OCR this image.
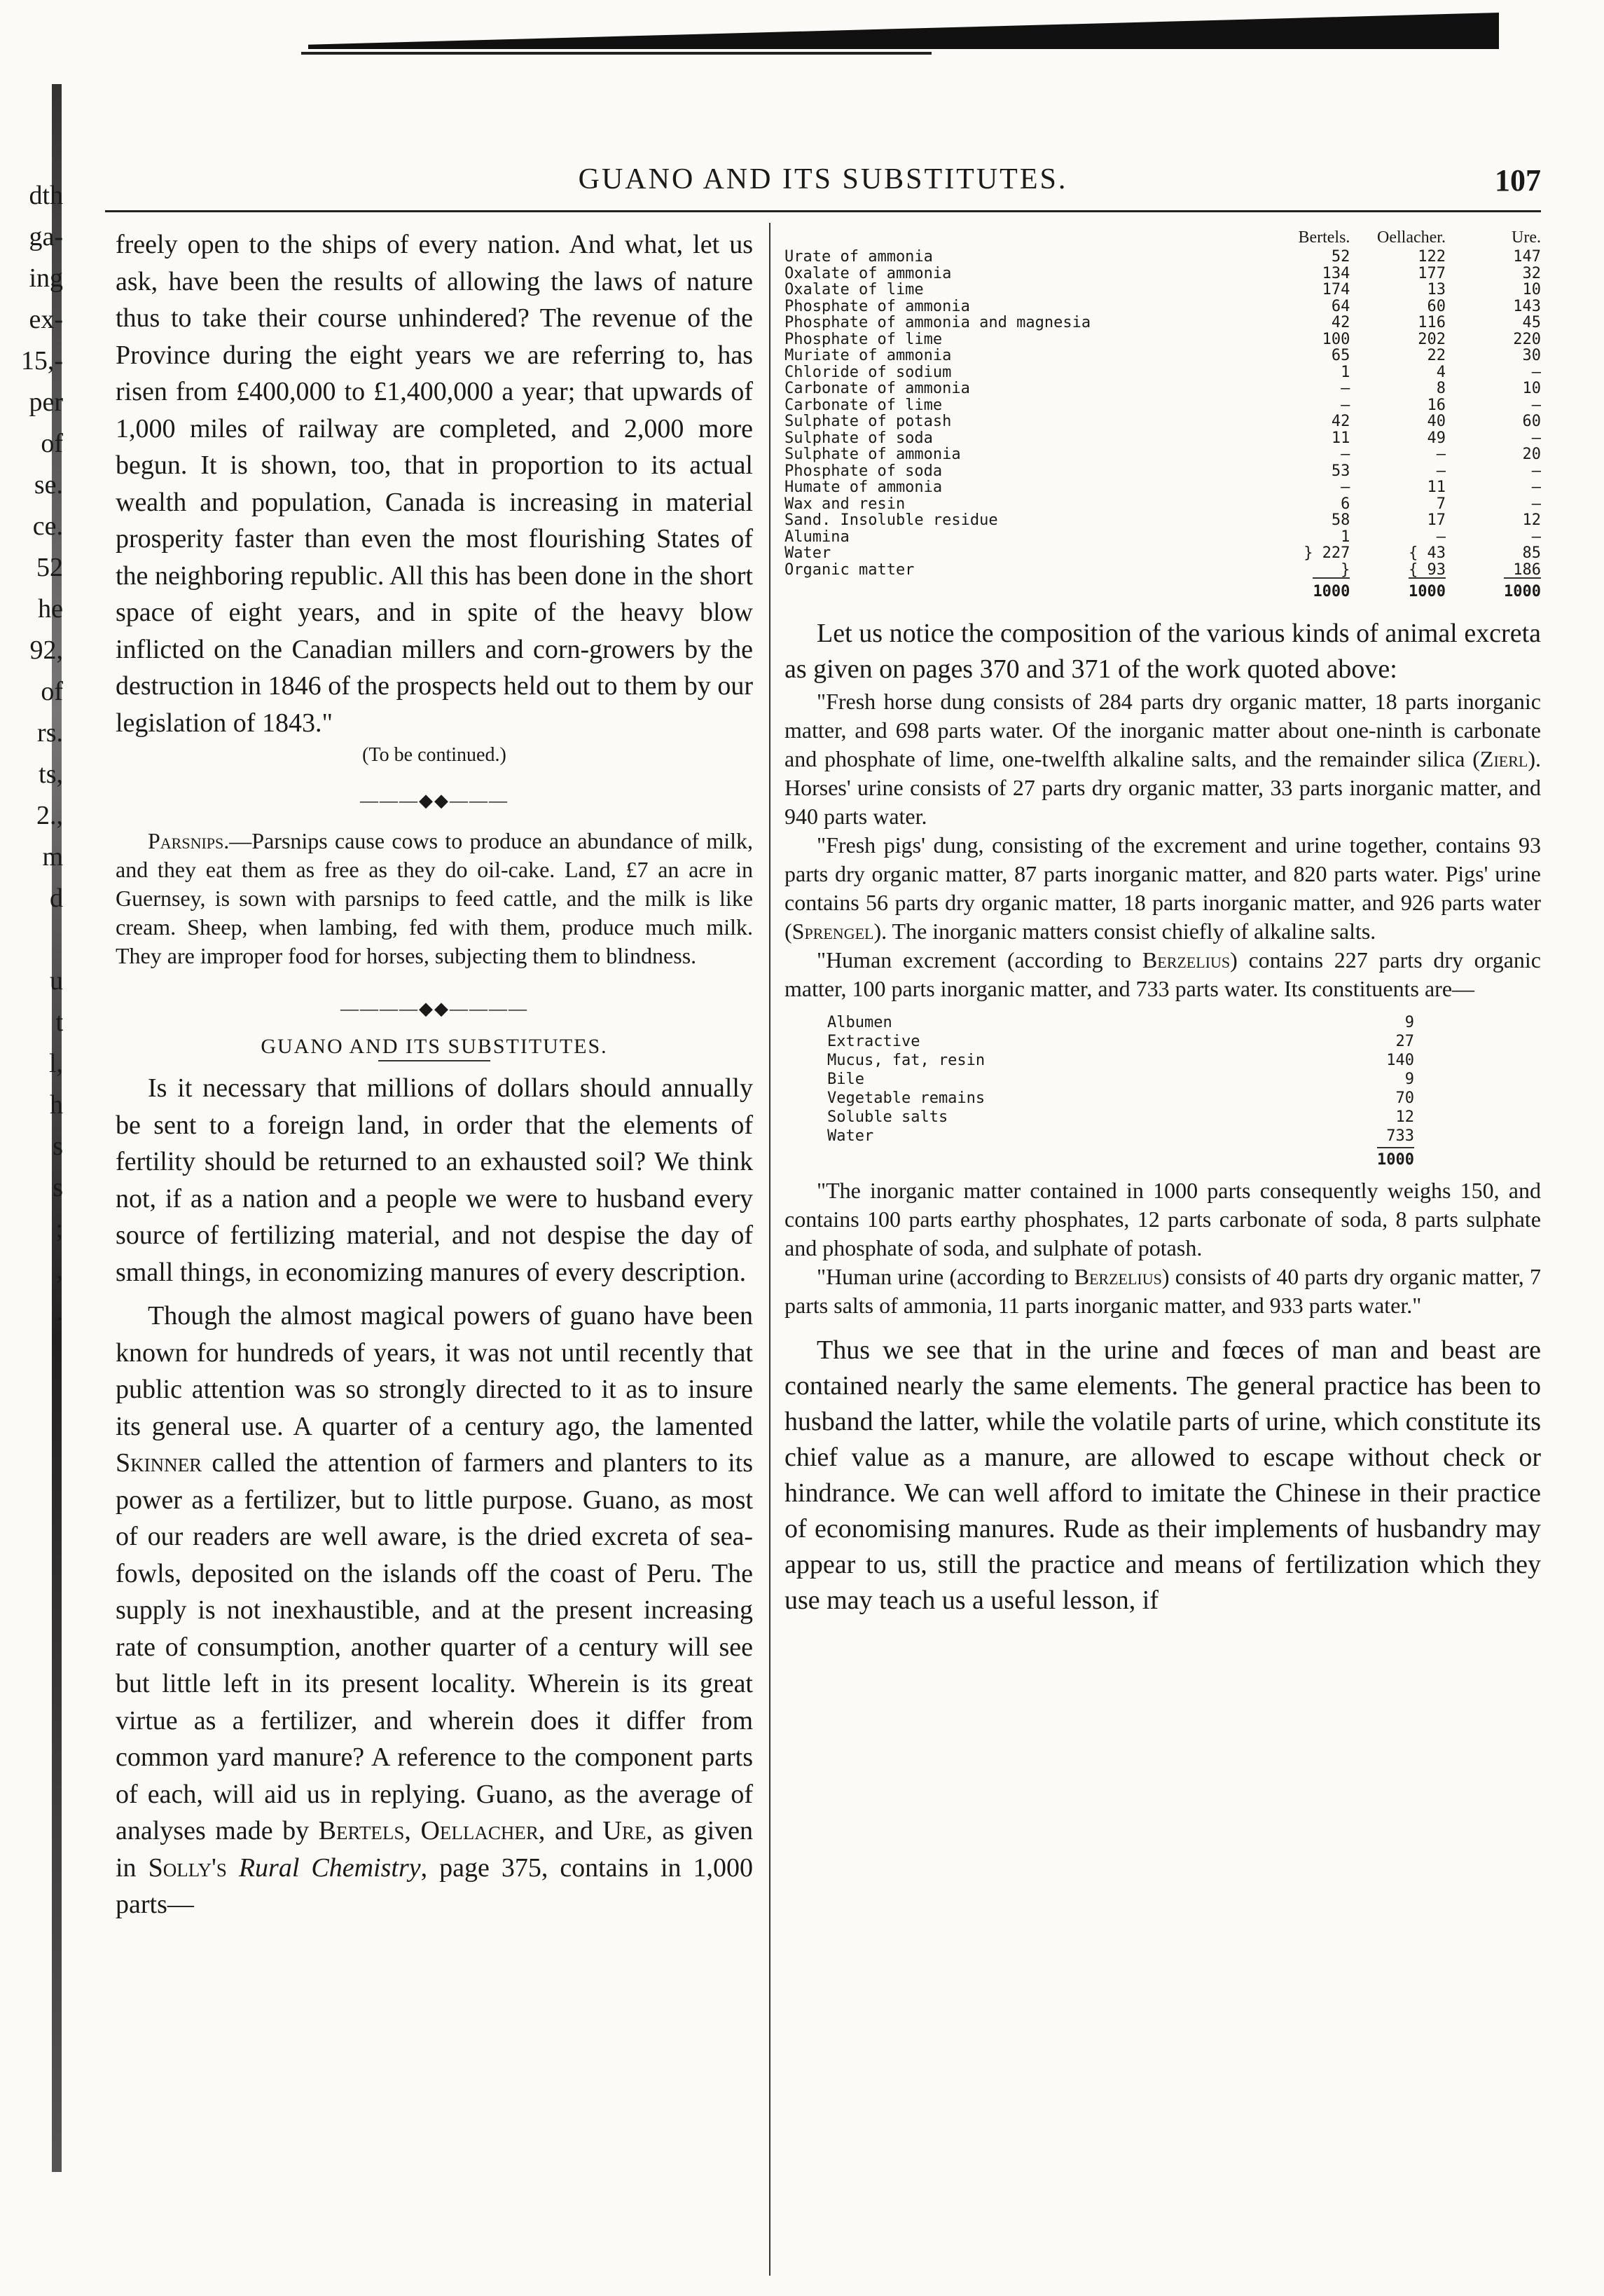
dth
ga-
ing
ex-
15,-
per
of
se.
ce.
52
he
92,
of
rs.
ts,
2.,
m
d
u
t
l,
h
s
s
;
,
.
GUANO AND ITS SUBSTITUTES.	107

freely open to the ships of every nation. And what, let us ask, have been the results of allowing the laws of nature thus to take their course unhindered? The revenue of the Province during the eight years we are referring to, has risen from £400,000 to £1,400,000 a year; that upwards of 1,000 miles of railway are completed, and 2,000 more begun. It is shown, too, that in proportion to its actual wealth and population, Canada is increasing in material prosperity faster than even the most flourishing States of the neighboring republic. All this has been done in the short space of eight years, and in spite of the heavy blow inflicted on the Canadian millers and corn-growers by the destruction in 1846 of the prospects held out to them by our legislation of 1843."

(To be continued.)

———◆◆———

Parsnips.—Parsnips cause cows to produce an abundance of milk, and they eat them as free as they do oil-cake. Land, £7 an acre in Guernsey, is sown with parsnips to feed cattle, and the milk is like cream. Sheep, when lambing, fed with them, produce much milk. They are improper food for horses, subjecting them to blindness.

————◆◆————
GUANO AND ITS SUBSTITUTES.

Is it necessary that millions of dollars should annually be sent to a foreign land, in order that the elements of fertility should be returned to an exhausted soil? We think not, if as a nation and a people we were to husband every source of fertilizing material, and not despise the day of small things, in economizing manures of every description.

Though the almost magical powers of guano have been known for hundreds of years, it was not until recently that public attention was so strongly directed to it as to insure its general use. A quarter of a century ago, the lamented Skinner called the attention of farmers and planters to its power as a fertilizer, but to little purpose. Guano, as most of our readers are well aware, is the dried excreta of sea-fowls, deposited on the islands off the coast of Peru. The supply is not inexhaustible, and at the present increasing rate of consumption, another quarter of a century will see but little left in its present locality. Wherein is its great virtue as a fertilizer, and wherein does it differ from common yard manure? A reference to the component parts of each, will aid us in replying. Guano, as the average of analyses made by Bertels, Oellacher, and Ure, as given in Solly's Rural Chemistry, page 375, contains in 1,000 parts—

	Bertels.	Oellacher.	Ure.
Urate of ammonia	52	122	147
Oxalate of ammonia	134	177	32
Oxalate of lime	174	13	10
Phosphate of ammonia	64	60	143
Phosphate of ammonia and magnesia	42	116	45
Phosphate of lime	100	202	220
Muriate of ammonia	65	22	30
Chloride of sodium	1	4	—
Carbonate of ammonia	—	8	10
Carbonate of lime	—	16	—
Sulphate of potash	42	40	60
Sulphate of soda	11	49	—
Sulphate of ammonia	—	—	20
Phosphate of soda	53	—	—
Humate of ammonia	—	11	—
Wax and resin	6	7	—
Sand. Insoluble residue	58	17	12
Alumina	1	—	—
Water	} 227	{ 43	85
Organic matter	}	{ 93	186
	1000	1000	1000

Let us notice the composition of the various kinds of animal excreta as given on pages 370 and 371 of the work quoted above:

"Fresh horse dung consists of 284 parts dry organic matter, 18 parts inorganic matter, and 698 parts water. Of the inorganic matter about one-ninth is carbonate and phosphate of lime, one-twelfth alkaline salts, and the remainder silica (Zierl). Horses' urine consists of 27 parts dry organic matter, 33 parts inorganic matter, and 940 parts water.

"Fresh pigs' dung, consisting of the excrement and urine together, contains 93 parts dry organic matter, 87 parts inorganic matter, and 820 parts water. Pigs' urine contains 56 parts dry organic matter, 18 parts inorganic matter, and 926 parts water (Sprengel). The inorganic matters consist chiefly of alkaline salts.

"Human excrement (according to Berzelius) contains 227 parts dry organic matter, 100 parts inorganic matter, and 733 parts water. Its constituents are—

Albumen	9
Extractive	27
Mucus, fat, resin	140
Bile	9
Vegetable remains	70
Soluble salts	12
Water	733
	1000

"The inorganic matter contained in 1000 parts consequently weighs 150, and contains 100 parts earthy phosphates, 12 parts carbonate of soda, 8 parts sulphate and phosphate of soda, and sulphate of potash.

"Human urine (according to Berzelius) consists of 40 parts dry organic matter, 7 parts salts of ammonia, 11 parts inorganic matter, and 933 parts water."

Thus we see that in the urine and fœces of man and beast are contained nearly the same elements. The general practice has been to husband the latter, while the volatile parts of urine, which constitute its chief value as a manure, are allowed to escape without check or hindrance. We can well afford to imitate the Chinese in their practice of economising manures. Rude as their implements of husbandry may appear to us, still the practice and means of fertilization which they use may teach us a useful lesson, if
